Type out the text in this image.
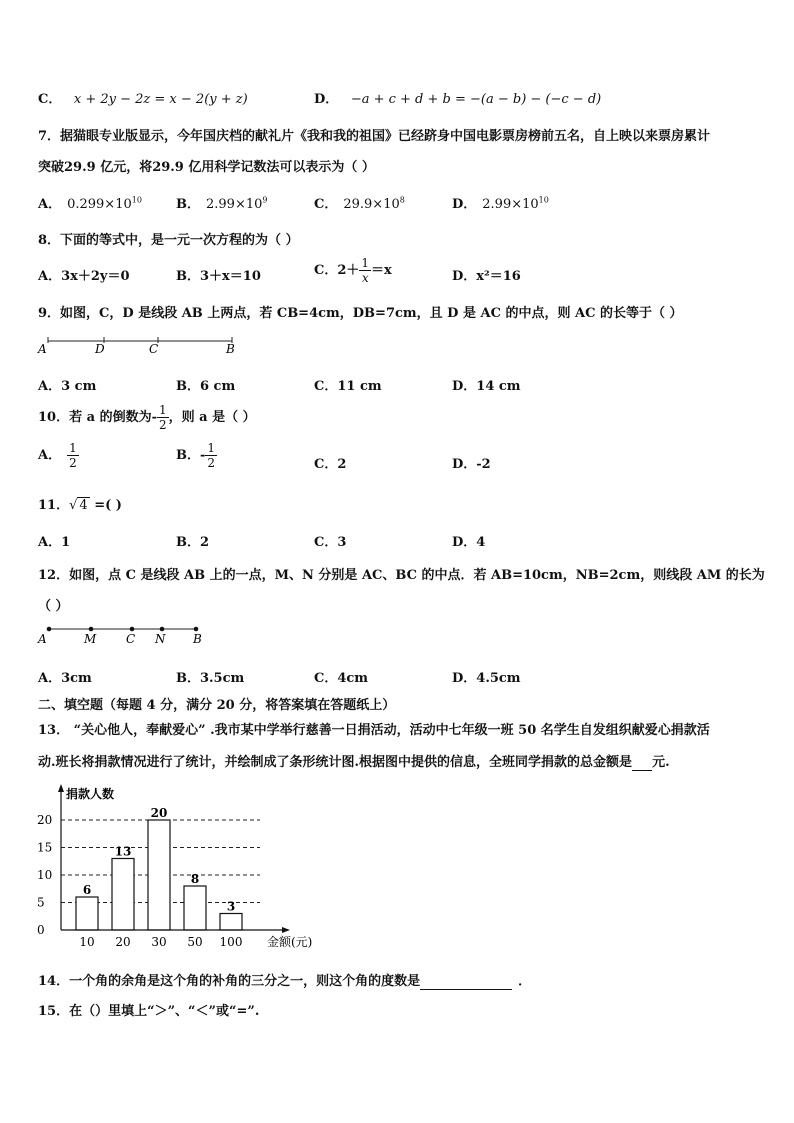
C． x + 2y − 2z = x − 2(y + z)	D． −a + c + d + b = −(a − b) − (−c − d)
7．据猫眼专业版显示，今年国庆档的献礼片《我和我的祖国》已经跻身中国电影票房榜前五名，自上映以来票房累计
突破29.9 亿元，将29.9 亿用科学记数法可以表示为（ ）
A． $0.299\times 10^{10}$	B． $2.99\times 10^9$	C． $29.9\times 10^8$	D． $2.99\times 10^{10}$
8．下面的等式中，是一元一次方程的为（ ）
A．3x＋2y＝0	B．3＋x＝10	C．$2+ \frac{1}{x} =x$	D．x²＝16
9．如图，C，D 是线段 AB 上两点，若 CB=4cm，DB=7cm，且 D 是 AC 的中点，则 AC 的长等于（ ）
A	D	C	B
A．3 cm	B．6 cm	C．11 cm	D．14 cm
10．若 a 的倒数为- $\frac{1}{2}$ ，则 a 是（ ）
A． $\frac{1}{2}$	B．- $\frac{1}{2}$	C．2	D．-2
11．√ 4 =( )
A．1	B．2	C．3	D．4
12．如图，点 C 是线段 AB 上的一点，M、N 分别是 AC、BC 的中点．若 AB=10cm，NB=2cm，则线段 AM 的长为
（ ）
A	M C N B
A．3cm	B．3.5cm	C．4cm	D．4.5cm
二、填空题（每题 4 分，满分 20 分，将答案填在答题纸上）
13． “关心他人，奉献爱心” .我市某中学举行慈善一日捐活动，活动中七年级一班 50 名学生自发组织献爱心捐款活
动.班长将捐款情况进行了统计，并绘制成了条形统计图.根据图中提供的信息，全班同学捐款的总金额是 元.
0
5
10
15
20
6
10
13
20
20
30
8
50
3
100
捐款人数
金额(元)
14．一个角的余角是这个角的补角的三分之一，则这个角的度数是	．
15．在（）里填上“＞”、“＜”或“=”.
